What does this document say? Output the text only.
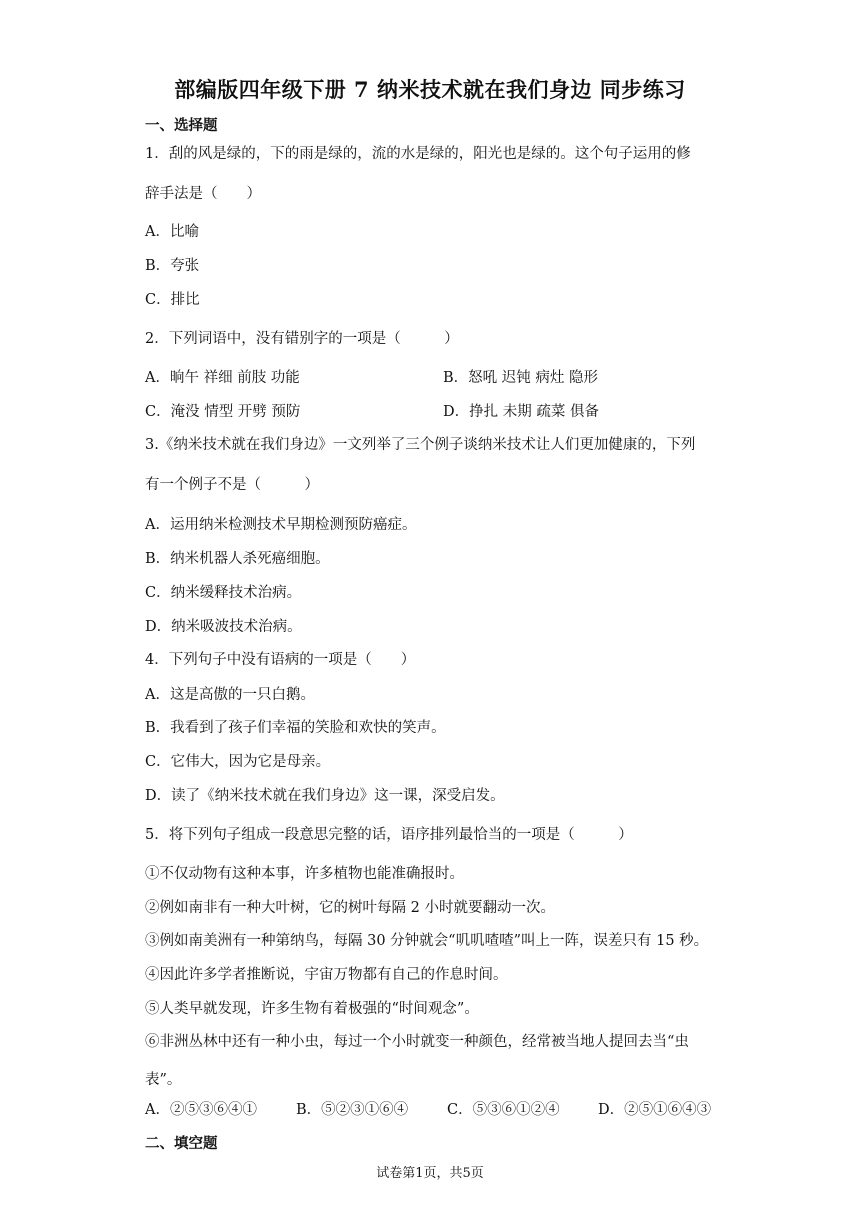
部编版四年级下册 7 纳米技术就在我们身边 同步练习
一、选择题
1．刮的风是绿的，下的雨是绿的，流的水是绿的，阳光也是绿的。这个句子运用的修
辞手法是（　　）
A．比喻
B．夸张
C．排比
2．下列词语中，没有错别字的一项是（　　　）
A．晌午 祥细 前肢 功能	B．怒吼 迟钝 病灶 隐形
C．淹没 情型 开劈 预防	D．挣扎 未期 疏菜 俱备
3.《纳米技术就在我们身边》一文列举了三个例子谈纳米技术让人们更加健康的，下列
有一个例子不是（　　　）
A．运用纳米检测技术早期检测预防癌症。
B．纳米机器人杀死癌细胞。
C．纳米缓释技术治病。
D．纳米吸波技术治病。
4．下列句子中没有语病的一项是（　　）
A．这是高傲的一只白鹅。
B．我看到了孩子们幸福的笑脸和欢快的笑声。
C．它伟大，因为它是母亲。
D．读了《纳米技术就在我们身边》这一课，深受启发。
5．将下列句子组成一段意思完整的话，语序排列最恰当的一项是（　　　）
①不仅动物有这种本事，许多植物也能准确报时。
②例如南非有一种大叶树，它的树叶每隔 2 小时就要翻动一次。
③例如南美洲有一种第纳鸟，每隔 30 分钟就会“叽叽喳喳”叫上一阵，误差只有 15 秒。
④因此许多学者推断说，宇宙万物都有自己的作息时间。
⑤人类早就发现，许多生物有着极强的“时间观念”。
⑥非洲丛林中还有一种小虫，每过一个小时就变一种颜色，经常被当地人提回去当“虫
表”。
A．②⑤③⑥④①	B．⑤②③①⑥④	C．⑤③⑥①②④	D．②⑤①⑥④③
二、填空题
试卷第1页，共5页
